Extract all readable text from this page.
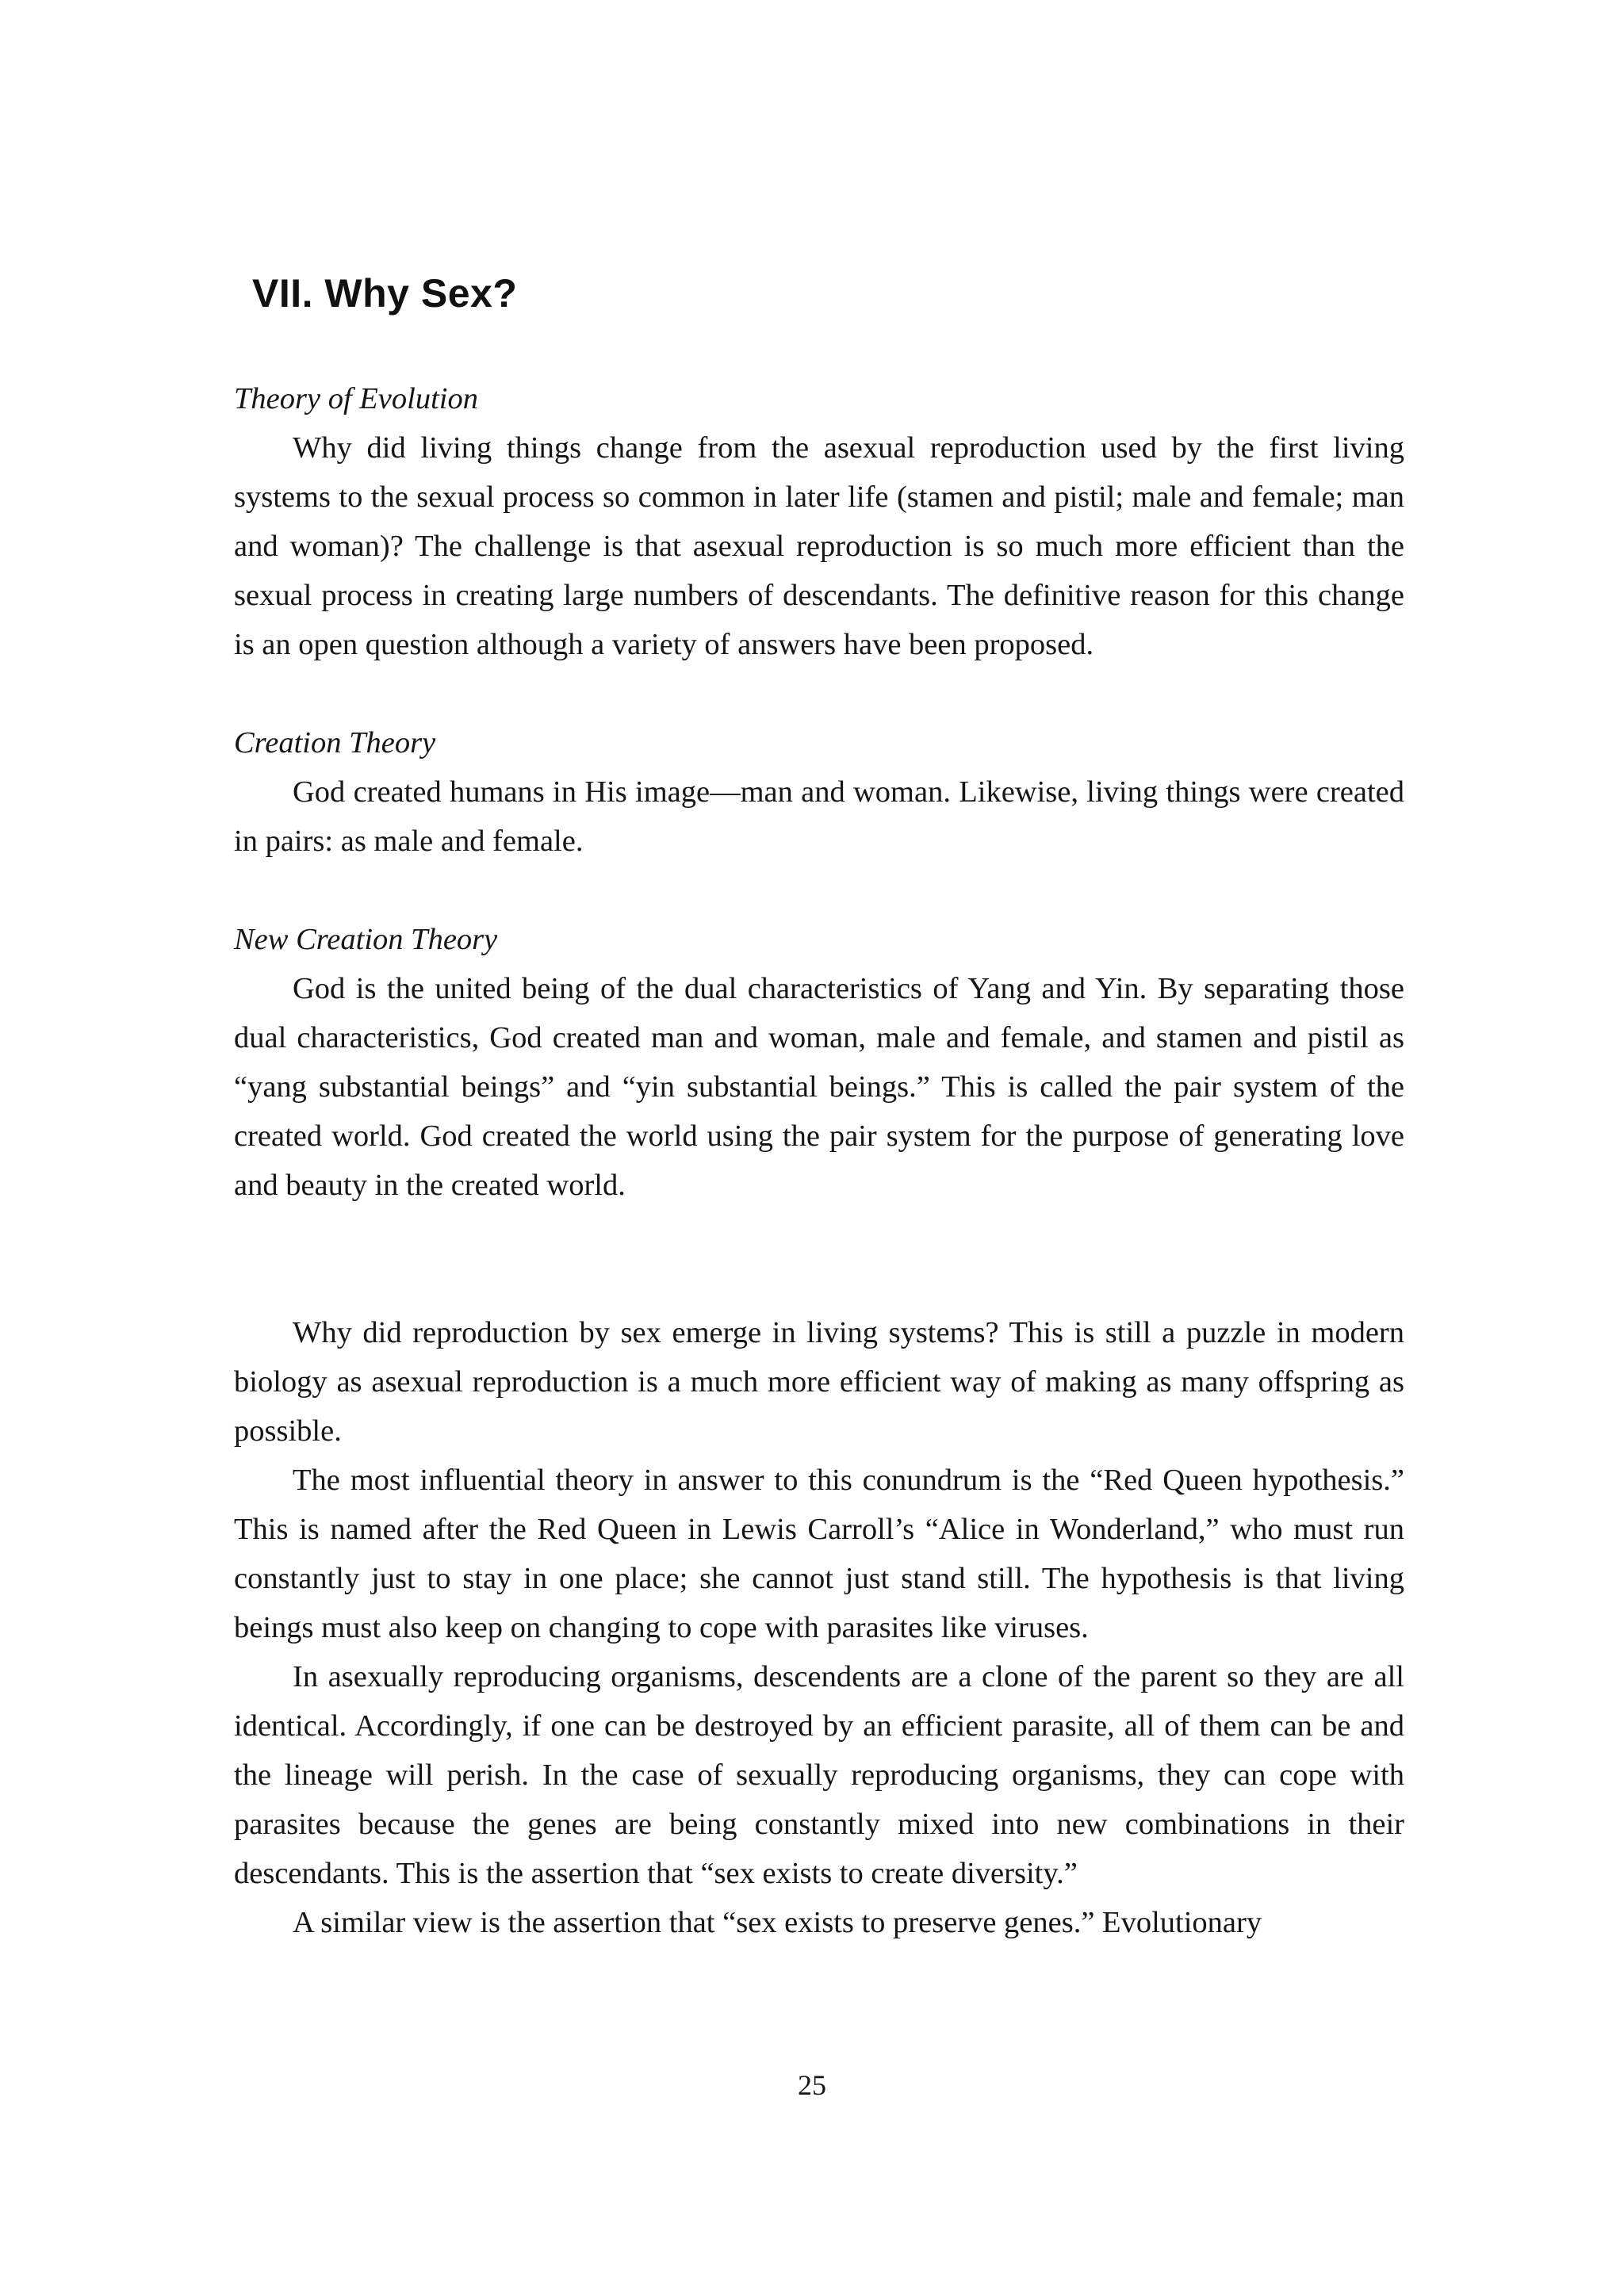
VII. Why Sex?
Theory of Evolution

Why did living things change from the asexual reproduction used by the first living systems to the sexual process so common in later life (stamen and pistil; male and female; man and woman)? The challenge is that asexual reproduction is so much more efficient than the sexual process in creating large numbers of descendants. The definitive reason for this change is an open question although a variety of answers have been proposed.

Creation Theory

God created humans in His image—man and woman. Likewise, living things were created in pairs: as male and female.

New Creation Theory

God is the united being of the dual characteristics of Yang and Yin. By separating those dual characteristics, God created man and woman, male and female, and stamen and pistil as “yang substantial beings” and “yin substantial beings.” This is called the pair system of the created world. God created the world using the pair system for the purpose of generating love and beauty in the created world.

Why did reproduction by sex emerge in living systems? This is still a puzzle in modern biology as asexual reproduction is a much more efficient way of making as many offspring as possible.

The most influential theory in answer to this conundrum is the “Red Queen hypothesis.” This is named after the Red Queen in Lewis Carroll’s “Alice in Wonderland,” who must run constantly just to stay in one place; she cannot just stand still. The hypothesis is that living beings must also keep on changing to cope with parasites like viruses.

In asexually reproducing organisms, descendents are a clone of the parent so they are all identical. Accordingly, if one can be destroyed by an efficient parasite, all of them can be and the lineage will perish. In the case of sexually reproducing organisms, they can cope with parasites because the genes are being constantly mixed into new combinations in their descendants. This is the assertion that “sex exists to create diversity.”

A similar view is the assertion that “sex exists to preserve genes.” Evolutionary

25
